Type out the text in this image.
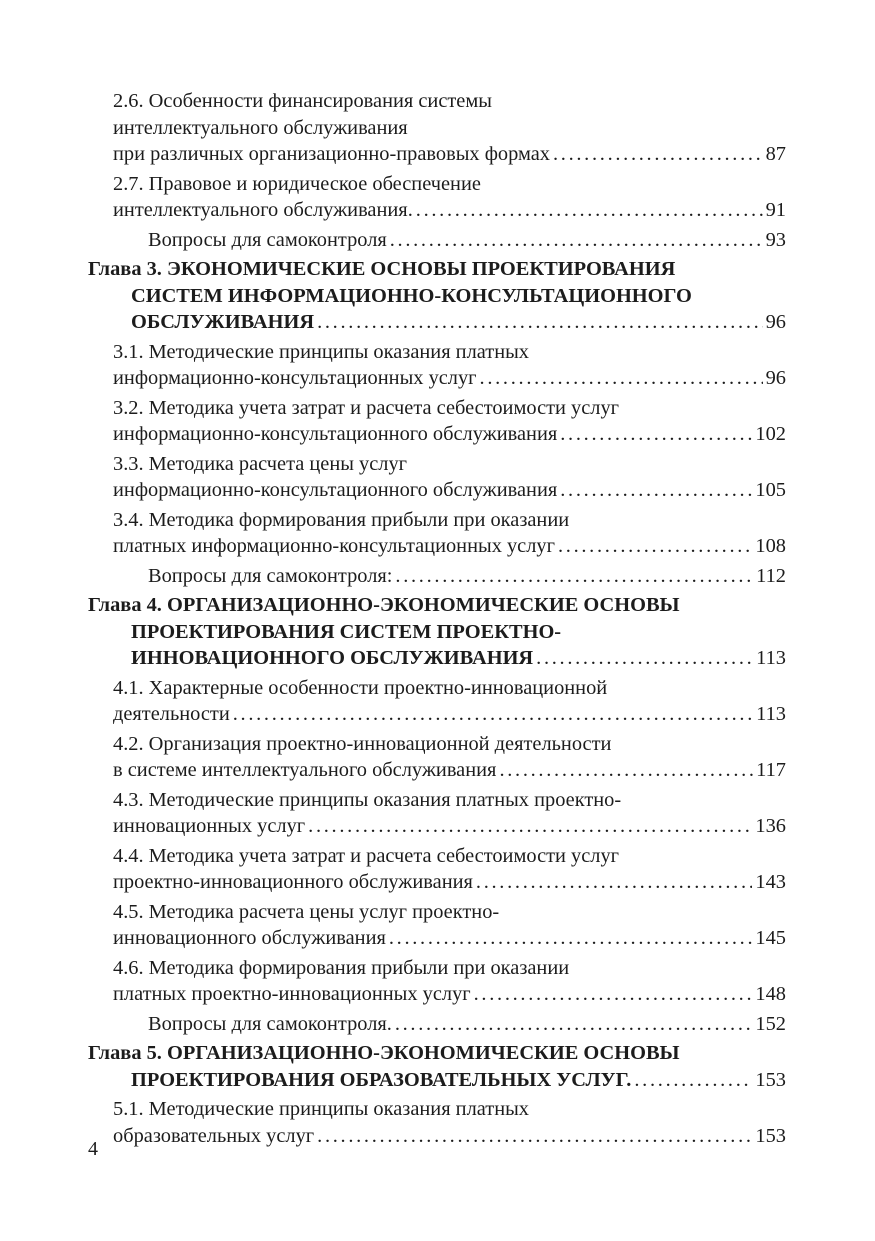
2.6. Особенности финансирования системы
интеллектуального обслуживания
при различных организационно-правовых формах . . .	87
2.7. Правовое и юридическое обеспечение
интеллектуального обслуживания. . . .	91
Вопросы для самоконтроля . . .	93
Глава 3. ЭКОНОМИЧЕСКИЕ ОСНОВЫ ПРОЕКТИРОВАНИЯ
СИСТЕМ ИНФОРМАЦИОННО-КОНСУЛЬТАЦИОННОГО
ОБСЛУЖИВАНИЯ . . .	96
3.1. Методические принципы оказания платных
информационно-консультационных услуг . . .	96
3.2. Методика учета затрат и расчета себестоимости услуг
информационно-консультационного обслуживания . . .	102
3.3. Методика расчета цены услуг
информационно-консультационного обслуживания . . .	105
3.4. Методика формирования прибыли при оказании
платных информационно-консультационных услуг . . .	108
Вопросы для самоконтроля: . . .	112
Глава 4. ОРГАНИЗАЦИОННО-ЭКОНОМИЧЕСКИЕ ОСНОВЫ
ПРОЕКТИРОВАНИЯ СИСТЕМ ПРОЕКТНО-
ИННОВАЦИОННОГО ОБСЛУЖИВАНИЯ . . .	113
4.1. Характерные особенности проектно-инновационной
деятельности . . .	113
4.2. Организация проектно-инновационной деятельности
в системе интеллектуального обслуживания . . .	117
4.3. Методические принципы оказания платных проектно-
инновационных услуг . . .	136
4.4. Методика учета затрат и расчета себестоимости услуг
проектно-инновационного обслуживания . . .	143
4.5. Методика расчета цены услуг проектно-
инновационного обслуживания . . .	145
4.6. Методика формирования прибыли при оказании
платных проектно-инновационных услуг . . .	148
Вопросы для самоконтроля. . . .	152
Глава 5. ОРГАНИЗАЦИОННО-ЭКОНОМИЧЕСКИЕ ОСНОВЫ
ПРОЕКТИРОВАНИЯ ОБРАЗОВАТЕЛЬНЫХ УСЛУГ. . . .	153
5.1. Методические принципы оказания платных
образовательных услуг . . .	153
4
